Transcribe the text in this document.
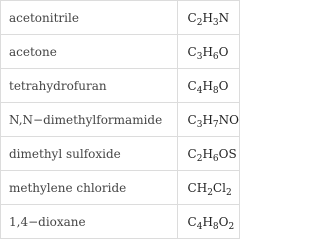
acetonitrile	$C_2H_3N$
acetone	$C_3H_6O$
tetrahydrofuran	$C_4H_8O$
N,N−dimethylformamide	$C_3H_7NO$
dimethyl sulfoxide	$C_2H_6OS$
methylene chloride	$CH_2Cl_2$
1,4−dioxane	$C_4H_8O_2$
